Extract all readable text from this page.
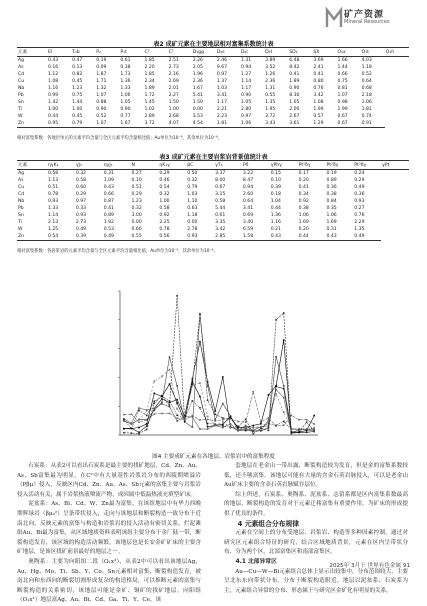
矿产资源
Mineral Resources
表2 成矿元素在主要地层相对富集系数统计表
元素	El	T₃b	P₂	P₁t	C²	C¹	D₃gg	D₃s	D₂l	D₂t	SD₁	SX	O₁x	O₁t	O₁h
Ag	0.43	0.47	0.19	0.61	1.85	2.51	2.26	2.46	1.31	3.89	6.48	3.69	1.66	4.03	
As	0.16	0.13	0.09	0.38	2.20	2.73	2.05	9.67	0.94	3.52	8.42	2.41	1.44	1.18	
Cd	1.12	0.82	1.87	1.73	1.85	2.16	1.96	0.97	1.27	1.26	0.41	0.41	0.66	0.52	
Cu	1.08	0.45	1.71	1.36	2.34	2.69	2.36	1.37	1.14	2.36	1.89	0.80	0.75	0.64	
Nb	1.16	1.23	1.32	1.33	1.89	2.01	1.67	1.03	1.17	1.31	0.90	0.76	0.81	0.68	
Pb	0.99	0.75	1.07	1.06	1.72	2.27	5.41	3.41	0.90	0.55	8.36	3.42	1.07	2.18	
Sn	1.42	1.44	0.88	1.05	1.45	1.50	1.50	1.17	1.05	1.35	1.05	1.08	0.98	1.06	
Ti	1.00	1.00	0.90	0.90	1.02	1.00	0.00	2.21	2.80	1.95	2.00	1.99	1.99	1.81	
W	0.44	0.45	0.52	0.77	2.89	2.68	3.53	2.23	0.97	3.72	2.67	0.57	0.67	0.74	
Zn	0.95	0.79	1.07	1.67	3.72	4.07	4.54	1.81	1.06	3.43	3.61	1.29	0.67	0.91	
相对富集系数：各地层单元的元素平均含量与全区元素平均含量相比值；Au单位为10⁻⁹，其余单位为10⁻⁶。
表3 成矿元素在主要岩浆岩背景值统计表
元素	ηγK₁	γJ₃	ηγJ₃	N	ηK₁γ	βC	γT₃	Pδ	γPhγ	Pt¹δγ	Pt²δγ	Pt³δγ	γPt
Ag	0.58	0.32	0.31	0.27	0.29	0.50	3.37	3.22	0.15	0.17	0.19	0.24	
As	1.13	0.58	1.09	0.10	0.46	0.32	8.00	8.47	0.10	0.20	0.89	0.29	
Cu	0.51	0.60	0.43	0.51	0.54	0.79	0.67	0.94	0.39	0.41	0.36	0.49	
Cd	0.78	0.29	0.66	0.29	0.32	1.03	3.15	2.60	0.18	0.34	0.38	0.36	
Nb	0.93	0.97	0.87	1.23	1.00	1.10	0.58	0.64	1.04	0.92	0.84	0.93	
Pb	1.33	0.33	0.41	0.32	0.58	0.63	5.44	3.41	0.44	0.38	0.35	0.27	
Sn	1.14	0.93	0.89	3.00	0.92	1.18	0.61	0.69	1.36	1.06	1.06	0.76	
Ti	2.13	2.73	1.92	0.00	2.25	0.00	3.35	3.40	1.16	1.69	1.69	2.29	
W	1.25	0.49	0.53	0.66	0.78	2.78	3.42	6.59	0.21	0.20	0.31	1.35	
Zn	0.54	0.39	0.49	0.55	0.56	0.93	2.85	1.58	0.43	0.44	0.43	0.49	
相对富集系数：各岩浆岩的元素平均含量与全区元素平均含量相比值；Au单位为10⁻⁹，其余单位为10⁻⁶。
图4 主要成矿元素在各地层、岩浆岩中的富集程度

石炭系：从表2可以看出石炭系是最主要的找矿地层，Cd、Zn、Au、As、Sb富集最为明显，在C²中有大量基性岩浆岩分布的西陵期喷溢岩（Pβμ）侵入，反映区内Cd、Zn、Au、As、Sb元素的富集主要与岩浆岩侵入活动有关，属于岩浆热液喷流产物，成因属中低温热液充填型矿床。

泥盆系：As、Bi、Cd、W、Zn最为富集，在该组地层中有华力西晚期辉绿岩（βμ₄²）呈条带状侵入，走向与该地层和断裂构造一致分布于近南北向，反映元素的富集与构造和岩浆岩的侵入活动有密切关系。烂泥滩组Au、Bi最为富集，从区域地质资料表明该组主要分布于金厂陆一带，断裂构造发育，该区域的构造活动频繁，该地层也是长安金矿矿床的主要含矿地层，是该区找矿前景最好的地层之一。

奥陶系：主要为向阳组二段（O₁x³），从表2中可以看出该地层Ag、Au、Hg、Mo、Ti、Sb、Y、Co、Sn元素相对富集，断裂构造发育，被南北向和东西向的断裂切割形成复杂的构造格局，可以推断元素的富集与断裂构造的关系密切，该地层可能是金矿、铜矿的找矿地层。向阳组（O₁x¹）地层富Ag、Au、Bi、Cd、Ga、Ti、Y、Ce，该

套地层在老金山一带出露，断裂构造较为发育，但是金的富集系数较低，还不够富集。该地层可能有大量的含金石英岩脉侵入，可以是老金山Au矿床主要的含金石英岩脉赋存层位。

综上所述，石炭系、奥陶系、泥盆系、志留系都是区内富集系数最高的地层，断裂构造的发育对于元素迁移富集有重要作用，为矿床的形成提供了优良的条件。

4 元素组合分布规律

元素在空间上的分布受地层、岩浆岩、构造等多种因素控制，通过对研究区元素组合特征的研究，结合区域地质背景，元素在区内呈带状分布，分为两个区，北部富集区和南部富集区。

4.1 北部异常区

Au—Cu—W—Bi元素组合总体上显示出较集中，分布范围较大，主要呈北东东向带状分布，分布于断裂构造附近，地层以泥盆系、石炭系为主，元素组合异常的分布、形态属于与研究区金矿化有明显的关系。

2025年 3月下 世界有色金属 91
